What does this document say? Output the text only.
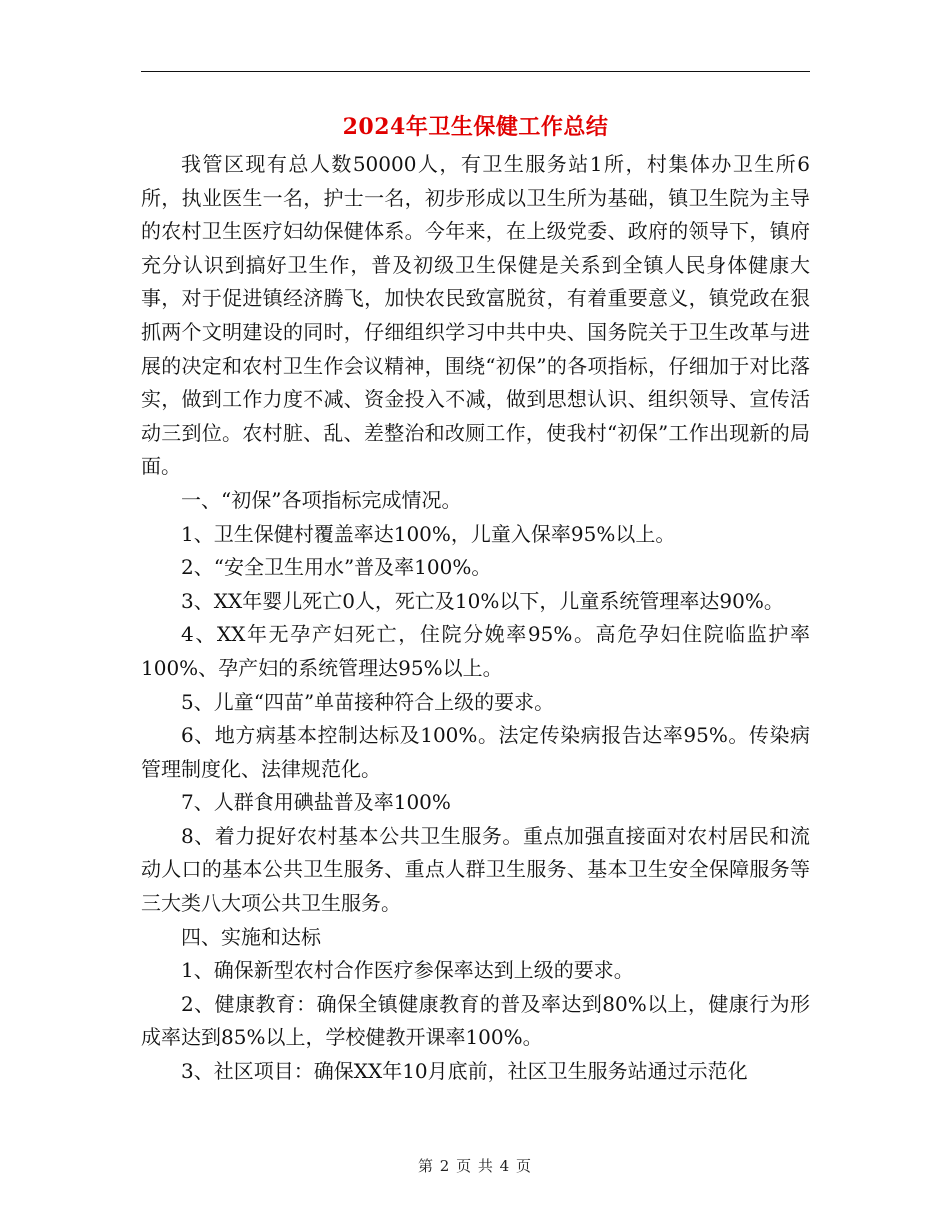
2024年卫生保健工作总结

我管区现有总人数50000人，有卫生服务站1所，村集体办卫生所6所，执业医生一名，护士一名，初步形成以卫生所为基础，镇卫生院为主导的农村卫生医疗妇幼保健体系。今年来，在上级党委、政府的领导下，镇府充分认识到搞好卫生作，普及初级卫生保健是关系到全镇人民身体健康大事，对于促进镇经济腾飞，加快农民致富脱贫，有着重要意义，镇党政在狠抓两个文明建设的同时，仔细组织学习中共中央、国务院关于卫生改革与进展的决定和农村卫生作会议精神，围绕“初保”的各项指标，仔细加于对比落实，做到工作力度不减、资金投入不减，做到思想认识、组织领导、宣传活动三到位。农村脏、乱、差整治和改厕工作，使我村“初保”工作出现新的局面。

一、“初保”各项指标完成情况。

1、卫生保健村覆盖率达100%，儿童入保率95%以上。

2、“安全卫生用水”普及率100%。

3、XX年婴儿死亡0人，死亡及10%以下，儿童系统管理率达90%。

4、XX年无孕产妇死亡，住院分娩率95%。高危孕妇住院临监护率100%、孕产妇的系统管理达95%以上。

5、儿童“四苗”单苗接种符合上级的要求。

6、地方病基本控制达标及100%。法定传染病报告达率95%。传染病管理制度化、法律规范化。

7、人群食用碘盐普及率100%

8、着力捉好农村基本公共卫生服务。重点加强直接面对农村居民和流动人口的基本公共卫生服务、重点人群卫生服务、基本卫生安全保障服务等三大类八大项公共卫生服务。

四、实施和达标

1、确保新型农村合作医疗参保率达到上级的要求。

2、健康教育：确保全镇健康教育的普及率达到80%以上，健康行为形成率达到85%以上，学校健教开课率100%。

3、社区项目：确保XX年10月底前，社区卫生服务站通过示范化

第 2 页 共 4 页
